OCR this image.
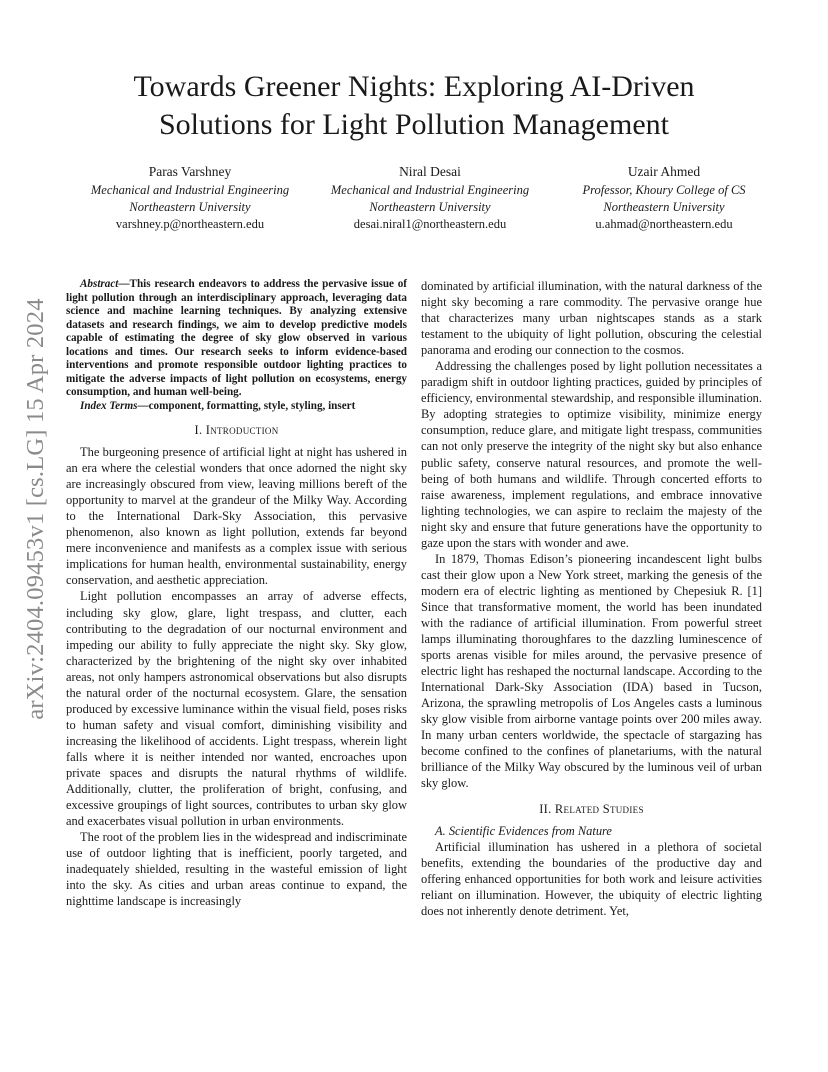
arXiv:2404.09453v1 [cs.LG] 15 Apr 2024
Towards Greener Nights: Exploring AI-Driven
Solutions for Light Pollution Management
Paras Varshney
Mechanical and Industrial Engineering
Northeastern University
varshney.p@northeastern.edu
Niral Desai
Mechanical and Industrial Engineering
Northeastern University
desai.niral1@northeastern.edu
Uzair Ahmed
Professor, Khoury College of CS
Northeastern University
u.ahmad@northeastern.edu

Abstract—This research endeavors to address the pervasive issue of light pollution through an interdisciplinary approach, leveraging data science and machine learning techniques. By analyzing extensive datasets and research findings, we aim to develop predictive models capable of estimating the degree of sky glow observed in various locations and times. Our research seeks to inform evidence-based interventions and promote responsible outdoor lighting practices to mitigate the adverse impacts of light pollution on ecosystems, energy consumption, and human well-being.

Index Terms—component, formatting, style, styling, insert

I. Introduction

The burgeoning presence of artificial light at night has ushered in an era where the celestial wonders that once adorned the night sky are increasingly obscured from view, leaving millions bereft of the opportunity to marvel at the grandeur of the Milky Way. According to the International Dark-Sky Association, this pervasive phenomenon, also known as light pollution, extends far beyond mere inconvenience and manifests as a complex issue with serious implications for human health, environmental sustainability, energy conservation, and aesthetic appreciation.

Light pollution encompasses an array of adverse effects, including sky glow, glare, light trespass, and clutter, each contributing to the degradation of our nocturnal environment and impeding our ability to fully appreciate the night sky. Sky glow, characterized by the brightening of the night sky over inhabited areas, not only hampers astronomical observations but also disrupts the natural order of the nocturnal ecosystem. Glare, the sensation produced by excessive luminance within the visual field, poses risks to human safety and visual comfort, diminishing visibility and increasing the likelihood of accidents. Light trespass, wherein light falls where it is neither intended nor wanted, encroaches upon private spaces and disrupts the natural rhythms of wildlife. Additionally, clutter, the proliferation of bright, confusing, and excessive groupings of light sources, contributes to urban sky glow and exacerbates visual pollution in urban environments.

The root of the problem lies in the widespread and indiscriminate use of outdoor lighting that is inefficient, poorly targeted, and inadequately shielded, resulting in the wasteful emission of light into the sky. As cities and urban areas continue to expand, the nighttime landscape is increasingly

dominated by artificial illumination, with the natural darkness of the night sky becoming a rare commodity. The pervasive orange hue that characterizes many urban nightscapes stands as a stark testament to the ubiquity of light pollution, obscuring the celestial panorama and eroding our connection to the cosmos.

Addressing the challenges posed by light pollution necessitates a paradigm shift in outdoor lighting practices, guided by principles of efficiency, environmental stewardship, and responsible illumination. By adopting strategies to optimize visibility, minimize energy consumption, reduce glare, and mitigate light trespass, communities can not only preserve the integrity of the night sky but also enhance public safety, conserve natural resources, and promote the well-being of both humans and wildlife. Through concerted efforts to raise awareness, implement regulations, and embrace innovative lighting technologies, we can aspire to reclaim the majesty of the night sky and ensure that future generations have the opportunity to gaze upon the stars with wonder and awe.

In 1879, Thomas Edison’s pioneering incandescent light bulbs cast their glow upon a New York street, marking the genesis of the modern era of electric lighting as mentioned by Chepesiuk R. [1] Since that transformative moment, the world has been inundated with the radiance of artificial illumination. From powerful street lamps illuminating thoroughfares to the dazzling luminescence of sports arenas visible for miles around, the pervasive presence of electric light has reshaped the nocturnal landscape. According to the International Dark-Sky Association (IDA) based in Tucson, Arizona, the sprawling metropolis of Los Angeles casts a luminous sky glow visible from airborne vantage points over 200 miles away. In many urban centers worldwide, the spectacle of stargazing has become confined to the confines of planetariums, with the natural brilliance of the Milky Way obscured by the luminous veil of urban sky glow.

II. Related Studies

A. Scientific Evidences from Nature

Artificial illumination has ushered in a plethora of societal benefits, extending the boundaries of the productive day and offering enhanced opportunities for both work and leisure activities reliant on illumination. However, the ubiquity of electric lighting does not inherently denote detriment. Yet,
